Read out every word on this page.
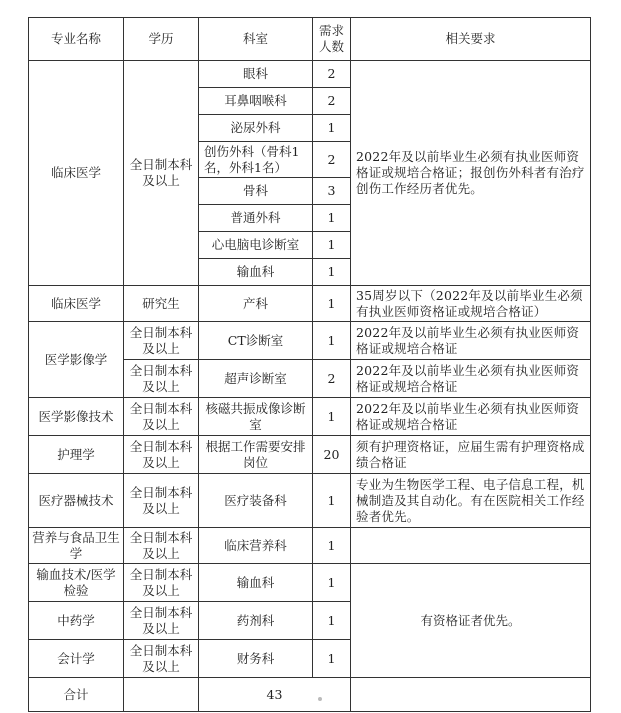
专业名称	学历	科室	需求人数	相关要求
临床医学	全日制本科及以上	眼科	2	2022年及以前毕业生必须有执业医师资格证或规培合格证；报创伤外科者有治疗创伤工作经历者优先。
		耳鼻咽喉科	2	
		泌尿外科	1	
		创伤外科（骨科1名，外科1名）	2	
		骨科	3	
		普通外科	1	
		心电脑电诊断室	1	
		输血科	1	
临床医学	研究生	产科	1	35周岁以下（2022年及以前毕业生必须有执业医师资格证或规培合格证）
医学影像学	全日制本科及以上	CT诊断室	1	2022年及以前毕业生必须有执业医师资格证或规培合格证
	全日制本科及以上	超声诊断室	2	2022年及以前毕业生必须有执业医师资格证或规培合格证
医学影像技术	全日制本科及以上	核磁共振成像诊断室	1	2022年及以前毕业生必须有执业医师资格证或规培合格证
护理学	全日制本科及以上	根据工作需要安排岗位	20	须有护理资格证，应届生需有护理资格成绩合格证
医疗器械技术	全日制本科及以上	医疗装备科	1	专业为生物医学工程、电子信息工程，机械制造及其自动化。有在医院相关工作经验者优先。
营养与食品卫生学	全日制本科及以上	临床营养科	1	
输血技术/医学检验	全日制本科及以上	输血科	1	有资格证者优先。
中药学	全日制本科及以上	药剂科	1	
会计学	全日制本科及以上	财务科	1	
合计		43		
